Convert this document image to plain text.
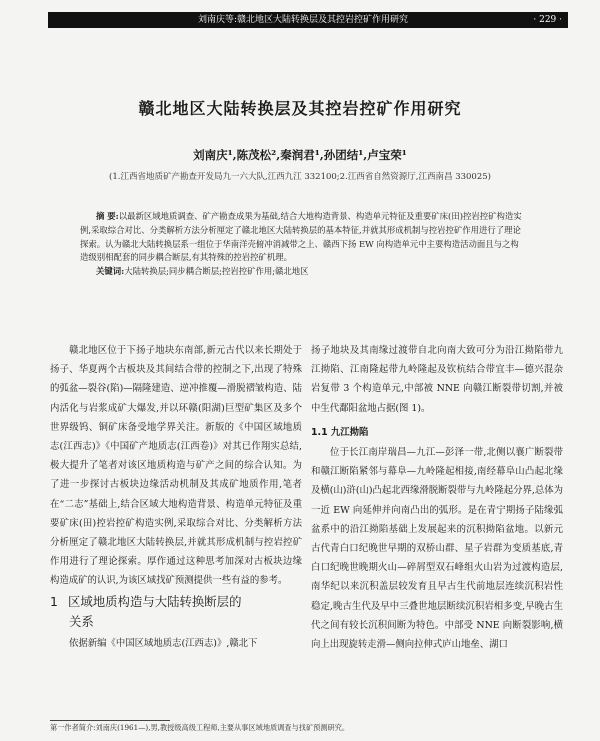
刘南庆等:赣北地区大陆转换层及其控岩控矿作用研究	· 229 ·
赣北地区大陆转换层及其控岩控矿作用研究
刘南庆¹,陈茂松²,秦润君¹,孙团结¹,卢宝荣¹
(1.江西省地质矿产勘查开发局九一六大队,江西九江 332100;2.江西省自然资源厅,江西南昌 330025)

摘 要:以最新区域地质调查、矿产勘查成果为基础,结合大地构造背景、构造单元特征及重要矿床(田)控岩控矿构造实例,采取综合对比、分类解析方法分析厘定了赣北地区大陆转换层的基本特征,并就其形成机制与控岩控矿作用进行了理论探索。认为赣北大陆转换层系一组位于华南洋壳俯冲消减带之上、赣西下扬 EW 向构造单元中主要构造活动面且与之构造级别相配套的同步耦合断层,有其特殊的控岩控矿机理。

关键词:大陆转换层;同步耦合断层;控岩控矿作用;赣北地区

赣北地区位于下扬子地块东南部,新元古代以来长期处于扬子、华夏两个古板块及其间结合带的控制之下,出现了特殊的弧盆—裂谷(陷)—隔隆建造、逆冲推覆—滑脱褶皱构造、陆内活化与岩浆成矿大爆发,并以环赣(阳湖)巨型矿集区及多个世界级钨、铜矿床备受地学界关注。新版的《中国区域地质志(江西志)》《中国矿产地质志(江西卷)》对其已作翔实总结,极大提升了笔者对该区地质构造与矿产之间的综合认知。为了进一步探讨古板块边缘活动机制及其成矿地质作用,笔者在“二志”基础上,结合区域大地构造背景、构造单元特征及重要矿床(田)控岩控矿构造实例,采取综合对比、分类解析方法分析厘定了赣北地区大陆转换层,并就其形成机制与控岩控矿作用进行了理论探索。厚作通过这种思考加深对古板块边缘构造成矿的认识,为该区域找矿预测提供一些有益的参考。

1 区域地质构造与大陆转换断层的
关系

依据新编《中国区域地质志(江西志)》,赣北下

扬子地块及其南缘过渡带自北向南大致可分为沿江拗陷带九江拗陷、江南隆起带九岭隆起及钦杭结合带宜丰—德兴混杂岩复带 3 个构造单元,中部被 NNE 向赣江断裂带切割,并被中生代鄱阳盆地占据(图 1)。

1.1 九江拗陷

位于长江南岸瑞昌—九江—彭泽一带,北侧以襄广断裂带和赣江断陷紧邻与幕阜—九岭隆起相接,南经幕阜山凸起北缘及横(山)浒(山)凸起北西缘滑脱断裂带与九岭隆起分界,总体为一近 EW 向延伸并向南凸出的弧形。是在青宁期扬子陆缘弧盆系中的沿江拗陷基础上发展起来的沉积拗陷盆地。以新元古代青白口纪晚世早期的双桥山群、星子岩群为变质基底,青白口纪晚世晚期火山—碎屑型双石峰组火山岩为过渡构造层,南华纪以来沉积盖层较发育且早古生代前地层连续沉积岩性稳定,晚古生代及早中三叠世地层断续沉积岩相多变,早晚古生代之间有较长沉积间断为特色。中部受 NNE 向断裂影响,横向上出现旋转走滑—侧向拉伸式庐山地垒、湖口

第一作者简介:刘南庆(1961—),男,教授级高级工程师,主要从事区域地质调查与找矿预测研究。
